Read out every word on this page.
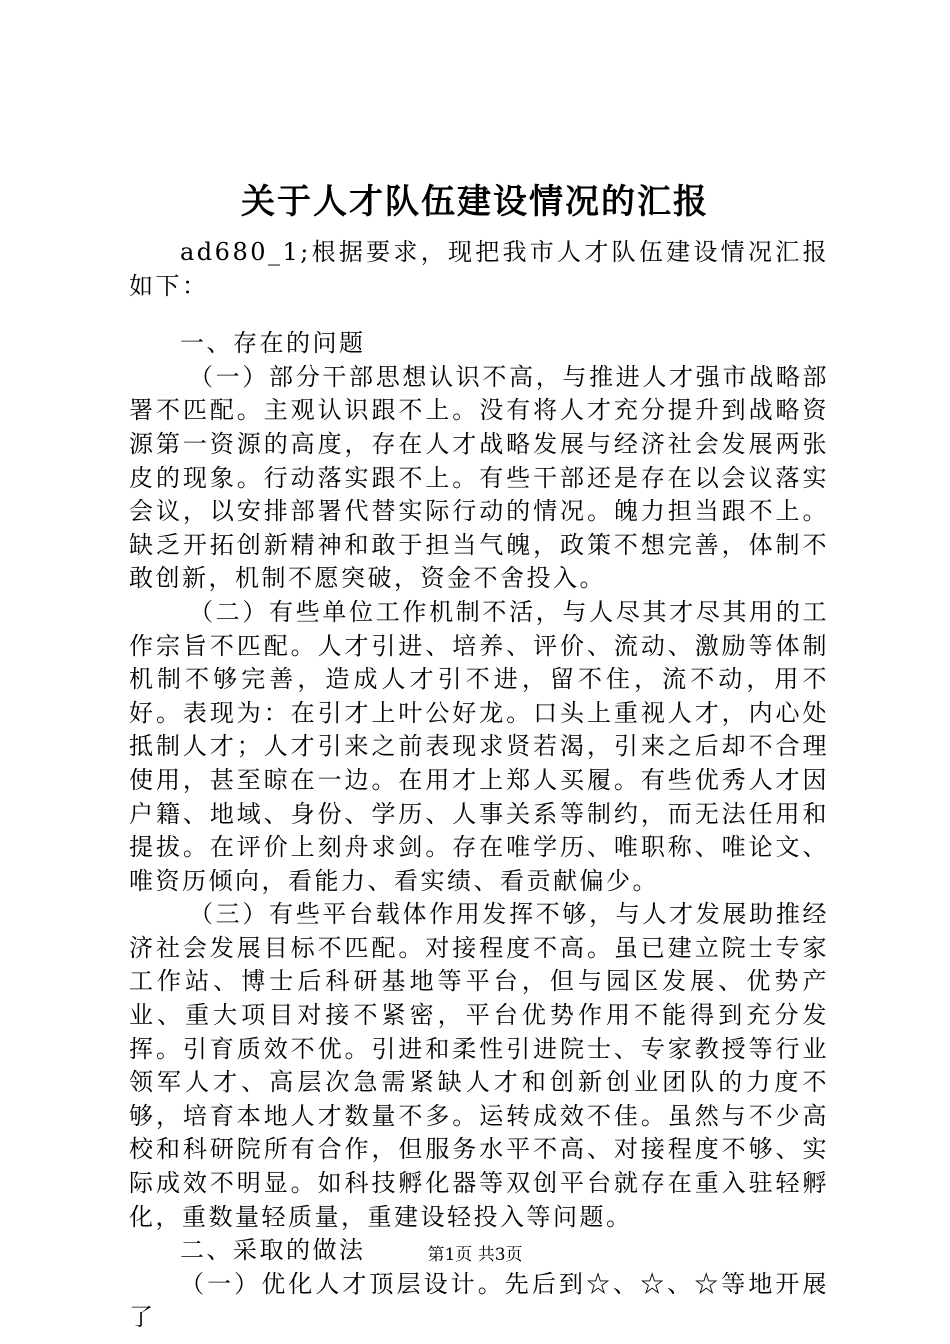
关于人才队伍建设情况的汇报

ad680_1;根据要求，现把我市人才队伍建设情况汇报如下：

一、存在的问题

（一）部分干部思想认识不高，与推进人才强市战略部署不匹配。主观认识跟不上。没有将人才充分提升到战略资源第一资源的高度，存在人才战略发展与经济社会发展两张皮的现象。行动落实跟不上。有些干部还是存在以会议落实会议，以安排部署代替实际行动的情况。魄力担当跟不上。缺乏开拓创新精神和敢于担当气魄，政策不想完善，体制不敢创新，机制不愿突破，资金不舍投入。

（二）有些单位工作机制不活，与人尽其才尽其用的工作宗旨不匹配。人才引进、培养、评价、流动、激励等体制机制不够完善，造成人才引不进，留不住，流不动，用不好。表现为：在引才上叶公好龙。口头上重视人才，内心处抵制人才；人才引来之前表现求贤若渴，引来之后却不合理使用，甚至晾在一边。在用才上郑人买履。有些优秀人才因户籍、地域、身份、学历、人事关系等制约，而无法任用和提拔。在评价上刻舟求剑。存在唯学历、唯职称、唯论文、唯资历倾向，看能力、看实绩、看贡献偏少。

（三）有些平台载体作用发挥不够，与人才发展助推经济社会发展目标不匹配。对接程度不高。虽已建立院士专家工作站、博士后科研基地等平台，但与园区发展、优势产业、重大项目对接不紧密，平台优势作用不能得到充分发挥。引育质效不优。引进和柔性引进院士、专家教授等行业领军人才、高层次急需紧缺人才和创新创业团队的力度不够，培育本地人才数量不多。运转成效不佳。虽然与不少高校和科研院所有合作，但服务水平不高、对接程度不够、实际成效不明显。如科技孵化器等双创平台就存在重入驻轻孵化，重数量轻质量，重建设轻投入等问题。

二、采取的做法

（一）优化人才顶层设计。先后到☆、☆、☆等地开展了

第1页 共3页
